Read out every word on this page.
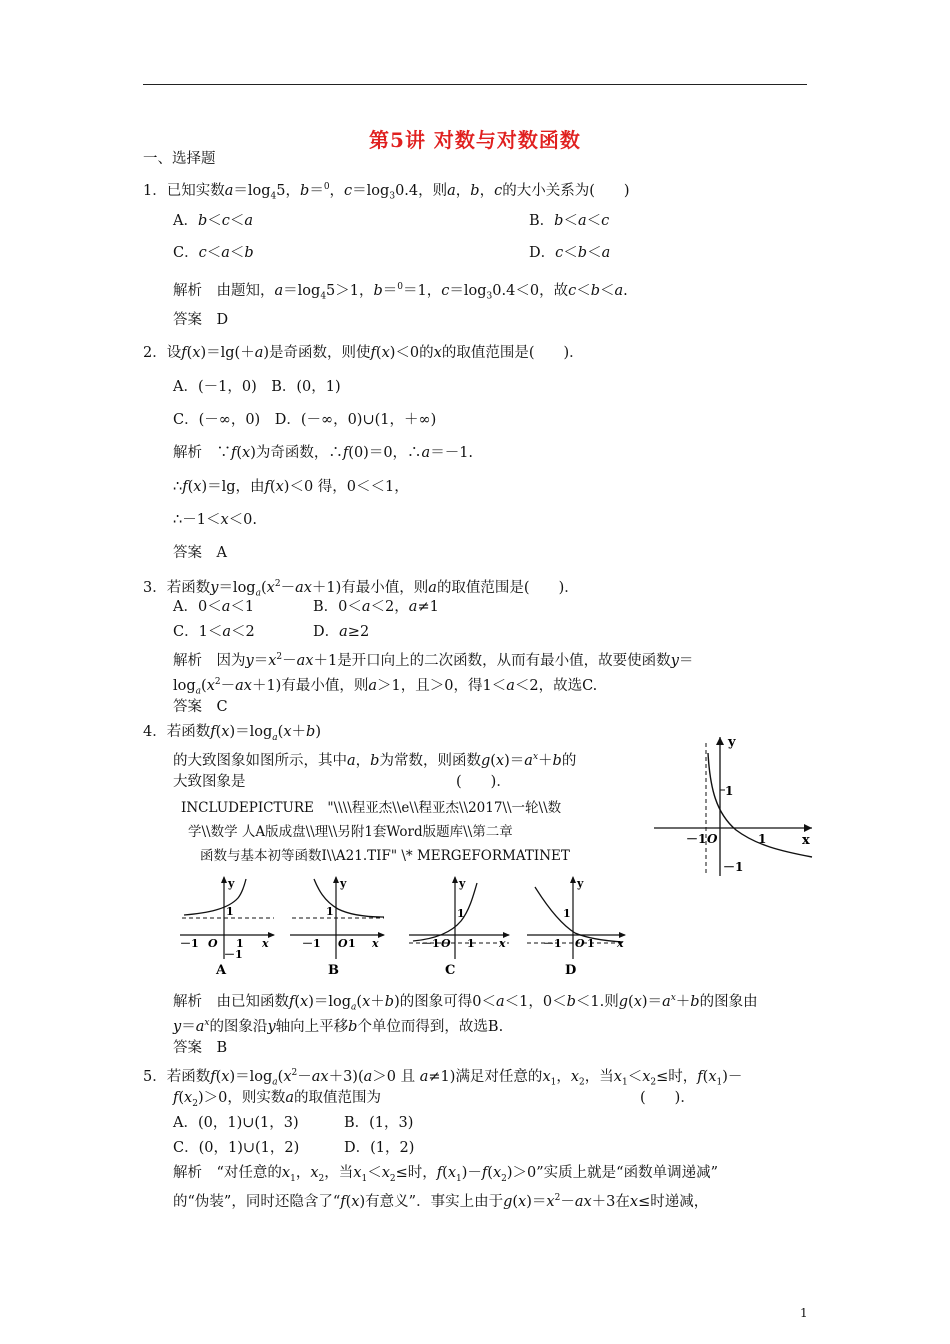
第5讲 对数与对数函数
一、选择题
1．已知实数$a=\log_45$，b＝$^0$，$c=\log_30.4$，则a，b，c的大小关系为(　　)
A．b＜c＜a	B．b＜a＜c
C．c＜a＜b	D．c＜b＜a
解析　 由题知，$a=\log_45>1$，b＝$^0$＝1，$c=\log_30.4<0$，故c＜b＜a.
答案　 D
2．设f(x)＝lg(＋a)是奇函数，则使f(x)＜0的x的取值范围是(　　)．
A．(－1，0)　 B．(0，1)
C．(－∞，0)　 D．(－∞，0)∪(1，＋∞)
解析　∵f(x)为奇函数，∴f(0)＝0，∴a＝－1.
∴f(x)＝lg，由f(x)＜0 得，0＜＜1，
∴－1＜x＜0.
答案　 A
3．若函数$y=\log_a(x^2-ax+1)$有最小值，则a的取值范围是(　　)．
A．0＜a＜1	B．0＜a＜2，a≠1
C．1＜a＜2	D．a≥2
解析　 因为$y=x^2-ax+1$是开口向上的二次函数，从而有最小值，故要使函数y＝
$\log_a(x^2-ax+1)$有最小值，则a＞1，且＞0，得1＜a＜2，故选C.
答案　 C
4．若函数$f(x)=\log_a(x+b)$
的大致图象如图所示，其中a，b为常数，则函数$g(x)=a^x+b$的
大致图象是	(　　)．
INCLUDEPICTURE　"\\\\程亚杰\\e\\程亚杰\\2017\\一轮\\数
学\\数学 人A版成盘\\理\\另附1套Word版题库\\第二章
函数与基本初等函数Ⅰ\\A21.TIF" \* MERGEFORMATINET
y
x
1
－1 O	1
－1
y
1
－1 O 1 x
－1
A
y
1
－1 O 1 x
B
y
1
－1 O 1 x
C
y
1
－1 O 1 x
D
解析　 由已知函数$f(x)=\log_a(x+b)$的图象可得0＜a＜1，0＜b＜1.则$g(x)=a^x+b$的图象由
$y=a^x$的图象沿y轴向上平移b个单位而得到，故选B.
答案　 B
5．若函数$f(x)=\log_a(x^2-ax+3)(a>0$ 且 a≠1)满足对任意的$x_1$，$x_2$，当$x_1<x_2\le$时，$f(x_1)-$
$f(x_2)>0$，则实数a的取值范围为	(　　)．
A．(0，1)∪(1，3)	B．(1，3)
C．(0，1)∪(1，2)	D．(1，2)
解析　 “对任意的$x_1$，$x_2$，当$x_1<x_2\le$时，$f(x_1)-f(x_2)>0$”实质上就是“函数单调递减”
的“伪装”，同时还隐含了“f(x)有意义”．事实上由于$g(x)=x^2-ax+3$在x≤时递减，
1
